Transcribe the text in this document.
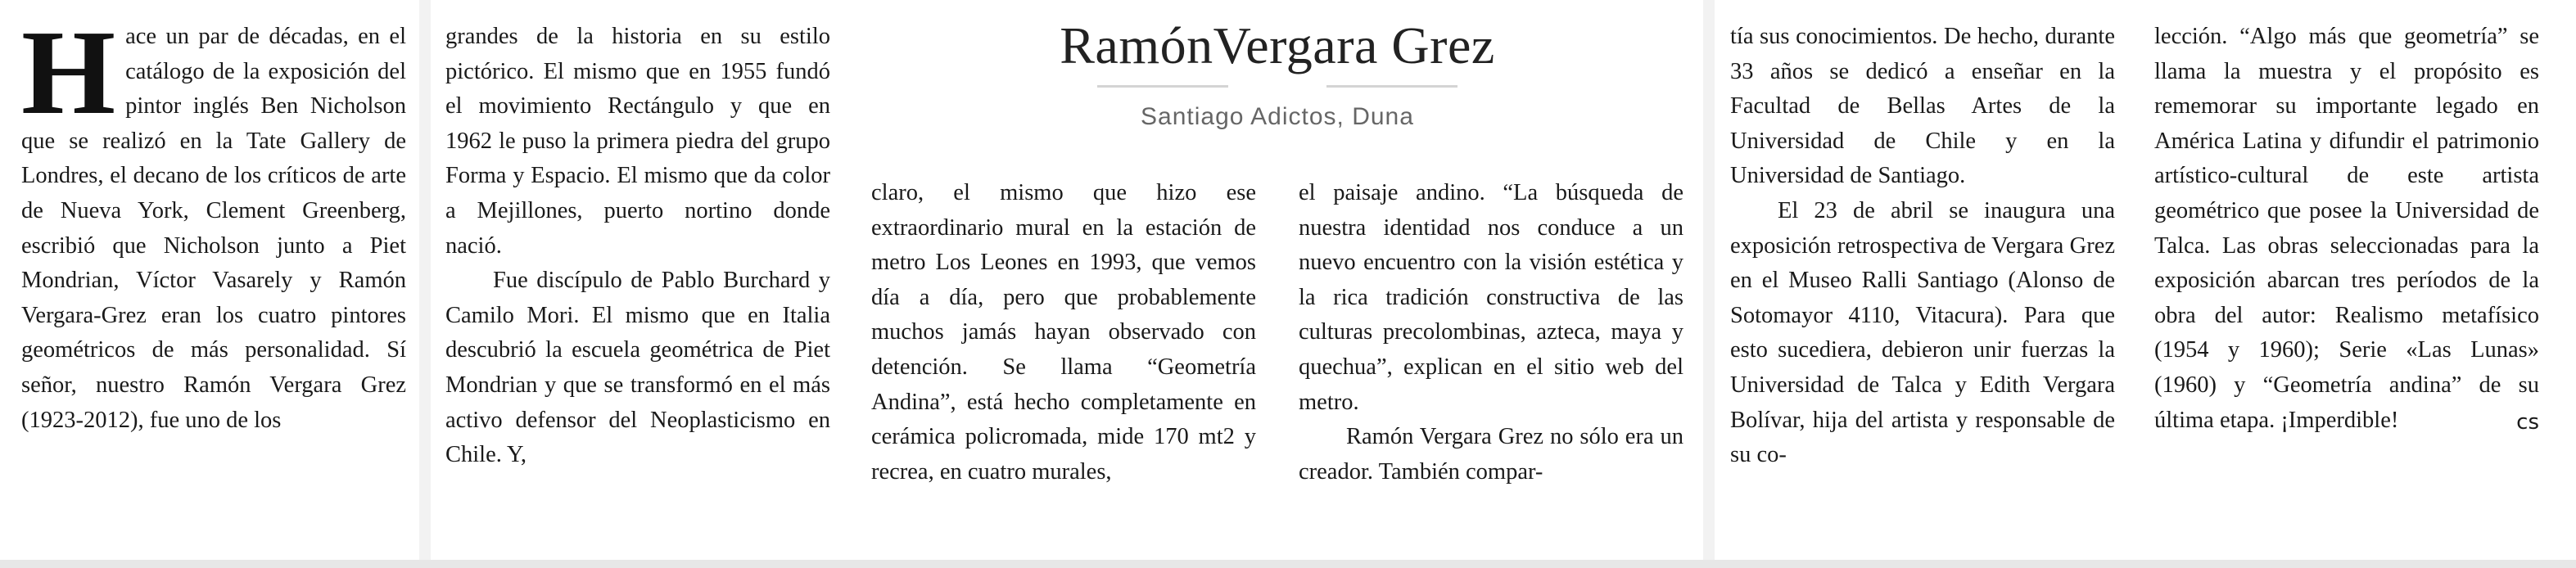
RamónVergara Grez
Santiago Adictos, Duna
H ace un par de décadas, en el catálogo de la exposición del pintor inglés Ben Nicholson que se realizó en la Tate Gallery de Londres, el decano de los críticos de arte de Nueva York, Clement Greenberg, escribió que Nicholson junto a Piet Mondrian, Víctor Vasarely y Ramón Vergara-Grez eran los cuatro pintores geométricos de más personalidad. Sí señor, nuestro Ramón Vergara Grez (1923-2012), fue uno de los

grandes de la historia en su estilo pictórico. El mismo que en 1955 fundó el movimiento Rectángulo y que en 1962 le puso la primera piedra del grupo Forma y Espacio. El mismo que da color a Mejillones, puerto nortino donde nació.

Fue discípulo de Pablo Burchard y Camilo Mori. El mismo que en Italia descubrió la escuela geométrica de Piet Mondrian y que se transformó en el más activo defensor del Neoplasticismo en Chile. Y,

claro, el mismo que hizo ese extraordinario mural en la estación de metro Los Leones en 1993, que vemos día a día, pero que probablemente muchos jamás hayan observado con detención. Se llama “Geometría Andina”, está hecho completamente en cerámica policromada, mide 170 mt2 y recrea, en cuatro murales,

el paisaje andino. “La búsqueda de nuestra identidad nos conduce a un nuevo encuentro con la visión estética y la rica tradición constructiva de las culturas precolombinas, azteca, maya y quechua”, explican en el sitio web del metro.

Ramón Vergara Grez no sólo era un creador. También compar-

tía sus conocimientos. De hecho, durante 33 años se dedicó a enseñar en la Facultad de Bellas Artes de la Universidad de Chile y en la Universidad de Santiago.

El 23 de abril se inaugura una exposición retrospectiva de Vergara Grez en el Museo Ralli Santiago (Alonso de Sotomayor 4110, Vitacura). Para que esto sucediera, debieron unir fuerzas la Universidad de Talca y Edith Vergara Bolívar, hija del artista y responsable de su co-

lección. “Algo más que geometría” se llama la muestra y el propósito es rememorar su importante legado en América Latina y difundir el patrimonio artístico-cultural de este artista geométrico que posee la Universidad de Talca. Las obras seleccionadas para la exposición abarcan tres períodos de la obra del autor: Realismo metafísico (1954 y 1960); Serie «Las Lunas» (1960) y “Geometría andina” de su última etapa. ¡Imperdible!	cs
